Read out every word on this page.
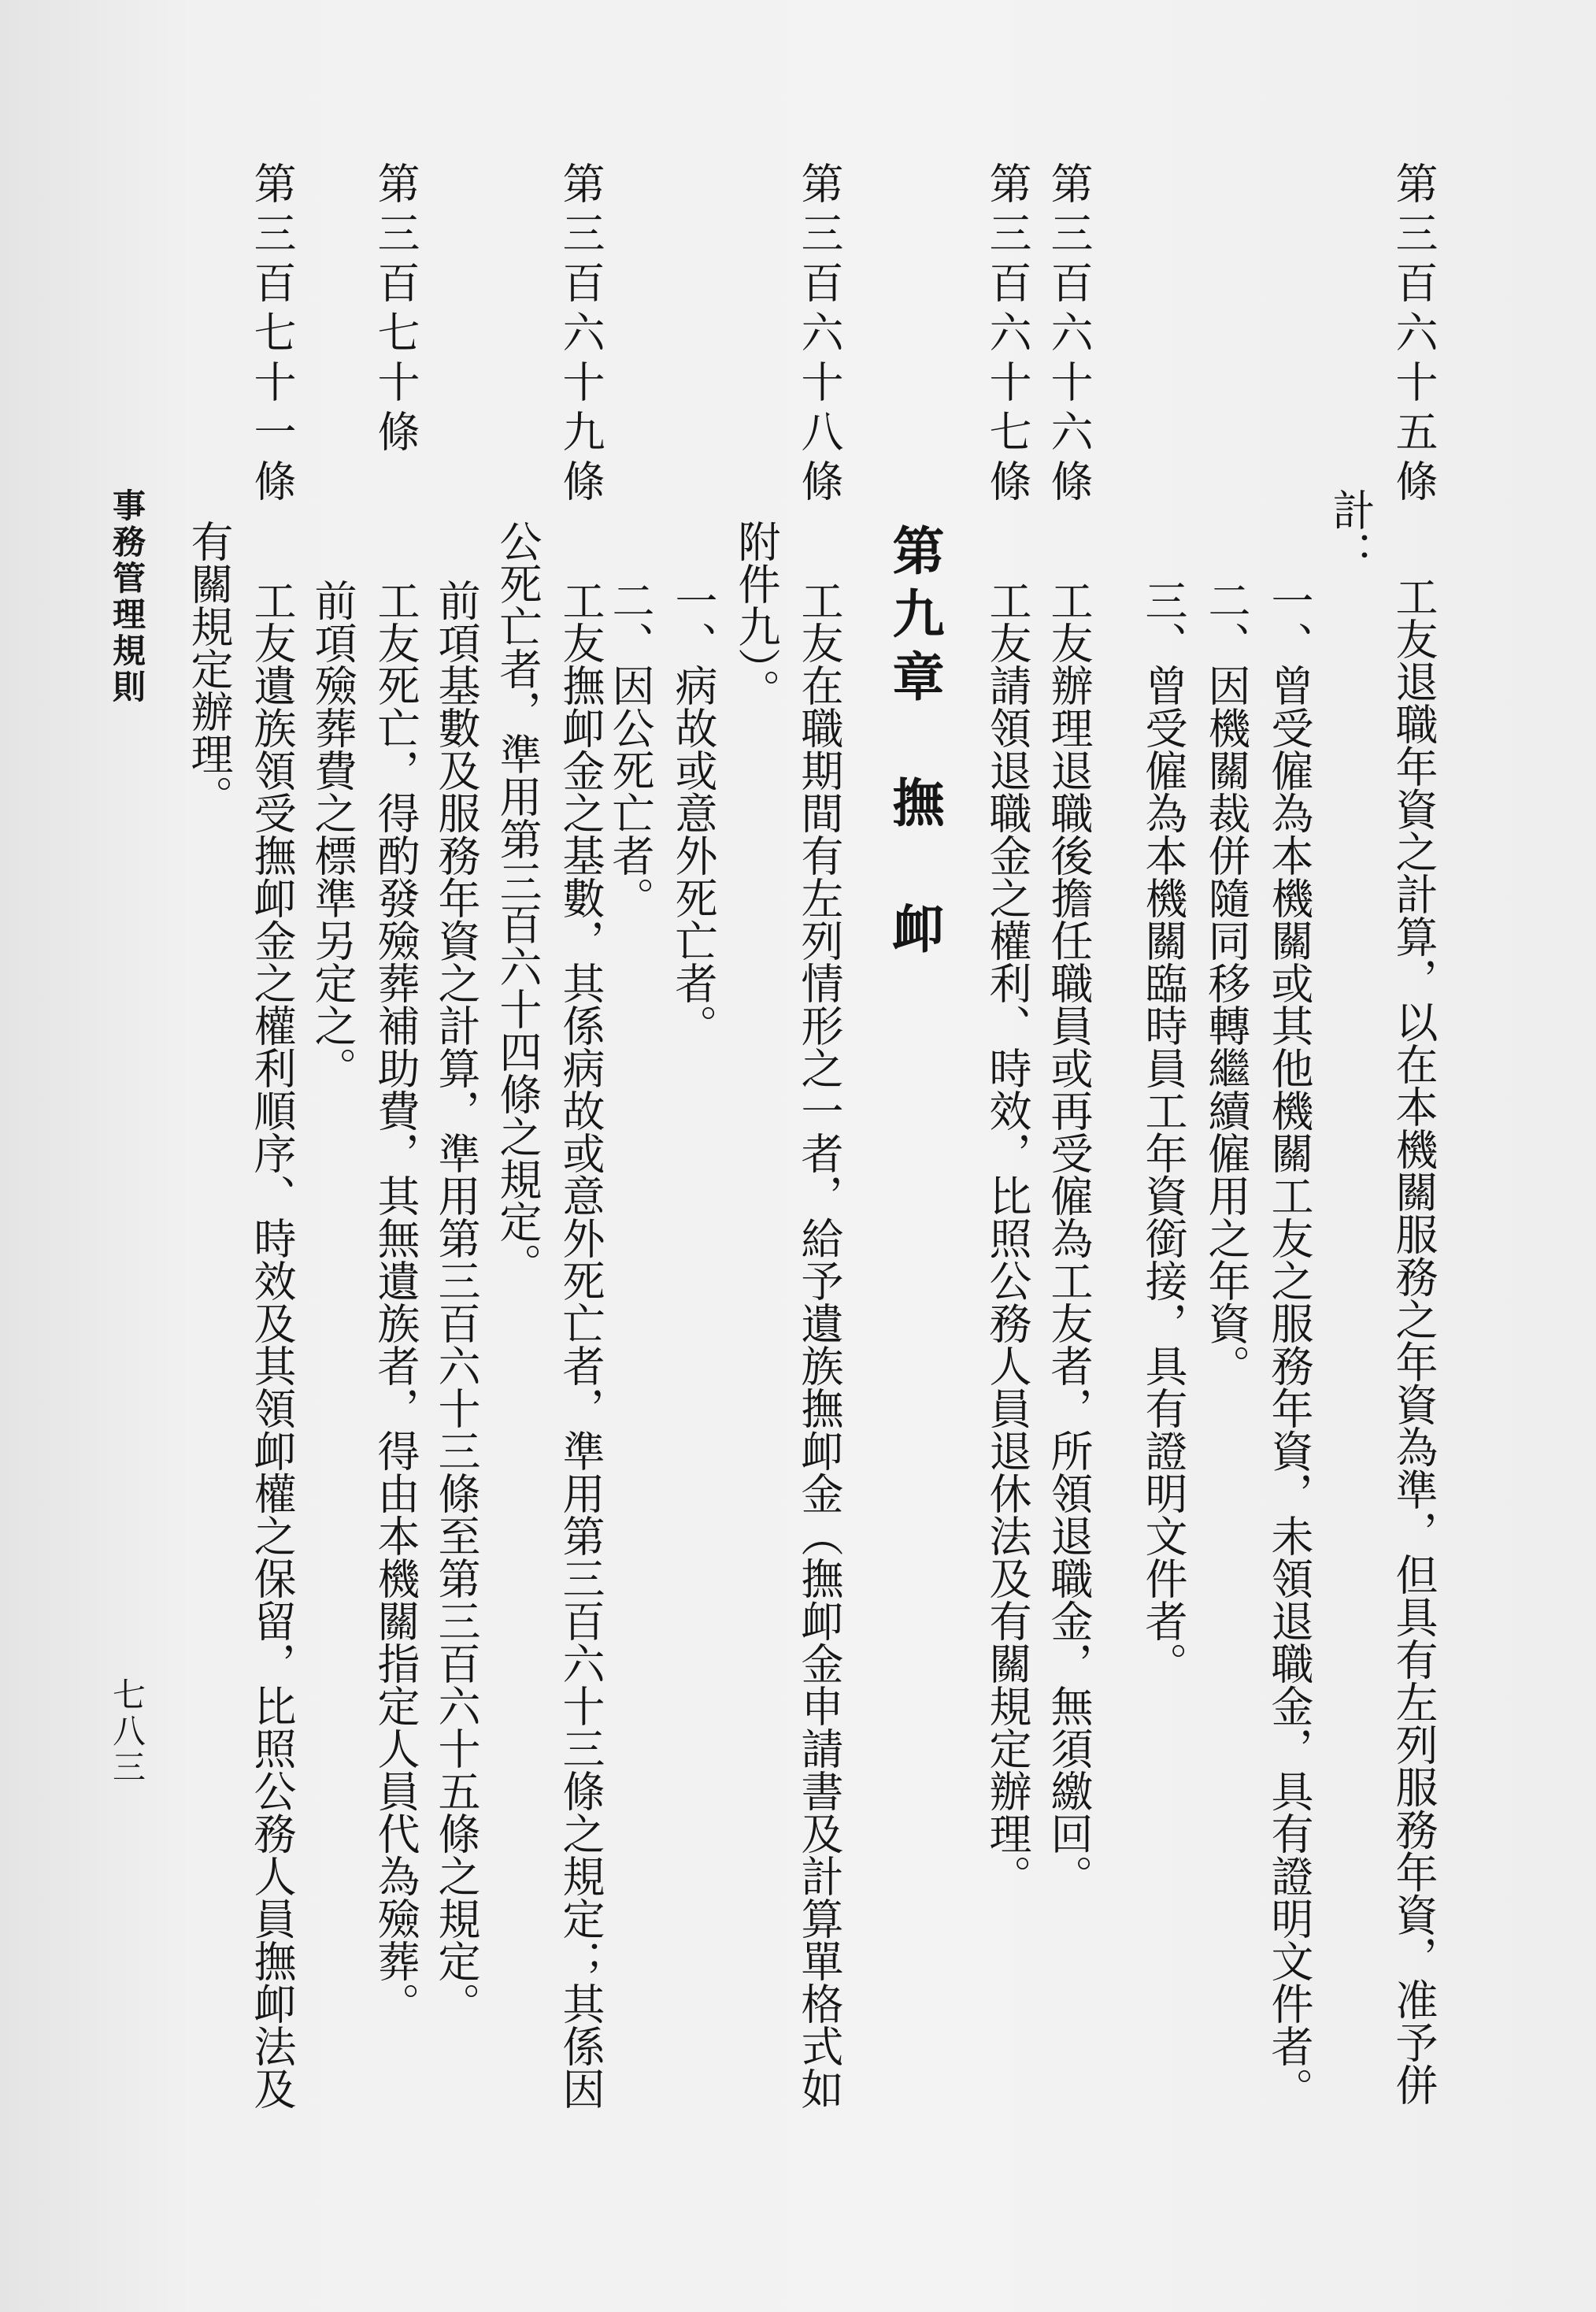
第三百六十五條
工友退職年資之計算，以在本機關服務之年資為準，但具有左列服務年資，准予併
計：
一、曾受僱為本機關或其他機關工友之服務年資，未領退職金，具有證明文件者。
二、因機關裁併隨同移轉繼續僱用之年資。
三、曾受僱為本機關臨時員工年資銜接，具有證明文件者。
第三百六十六條
工友辦理退職後擔任職員或再受僱為工友者，所領退職金，無須繳回。
第三百六十七條
工友請領退職金之權利、時效，比照公務人員退休法及有關規定辦理。
第九章　撫　卹
第三百六十八條
工友在職期間有左列情形之一者，給予遺族撫卹金（撫卹金申請書及計算單格式如
附件九）。
一、病故或意外死亡者。
二、因公死亡者。
第三百六十九條
工友撫卹金之基數，其係病故或意外死亡者，準用第三百六十三條之規定；其係因
公死亡者，準用第三百六十四條之規定。
前項基數及服務年資之計算，準用第三百六十三條至第三百六十五條之規定。
第三百七十條
工友死亡，得酌發殮葬補助費，其無遺族者，得由本機關指定人員代為殮葬。
前項殮葬費之標準另定之。
第三百七十一條
工友遺族領受撫卹金之權利順序、時效及其領卹權之保留，比照公務人員撫卹法及
有關規定辦理。
事務管理規則
七八三
